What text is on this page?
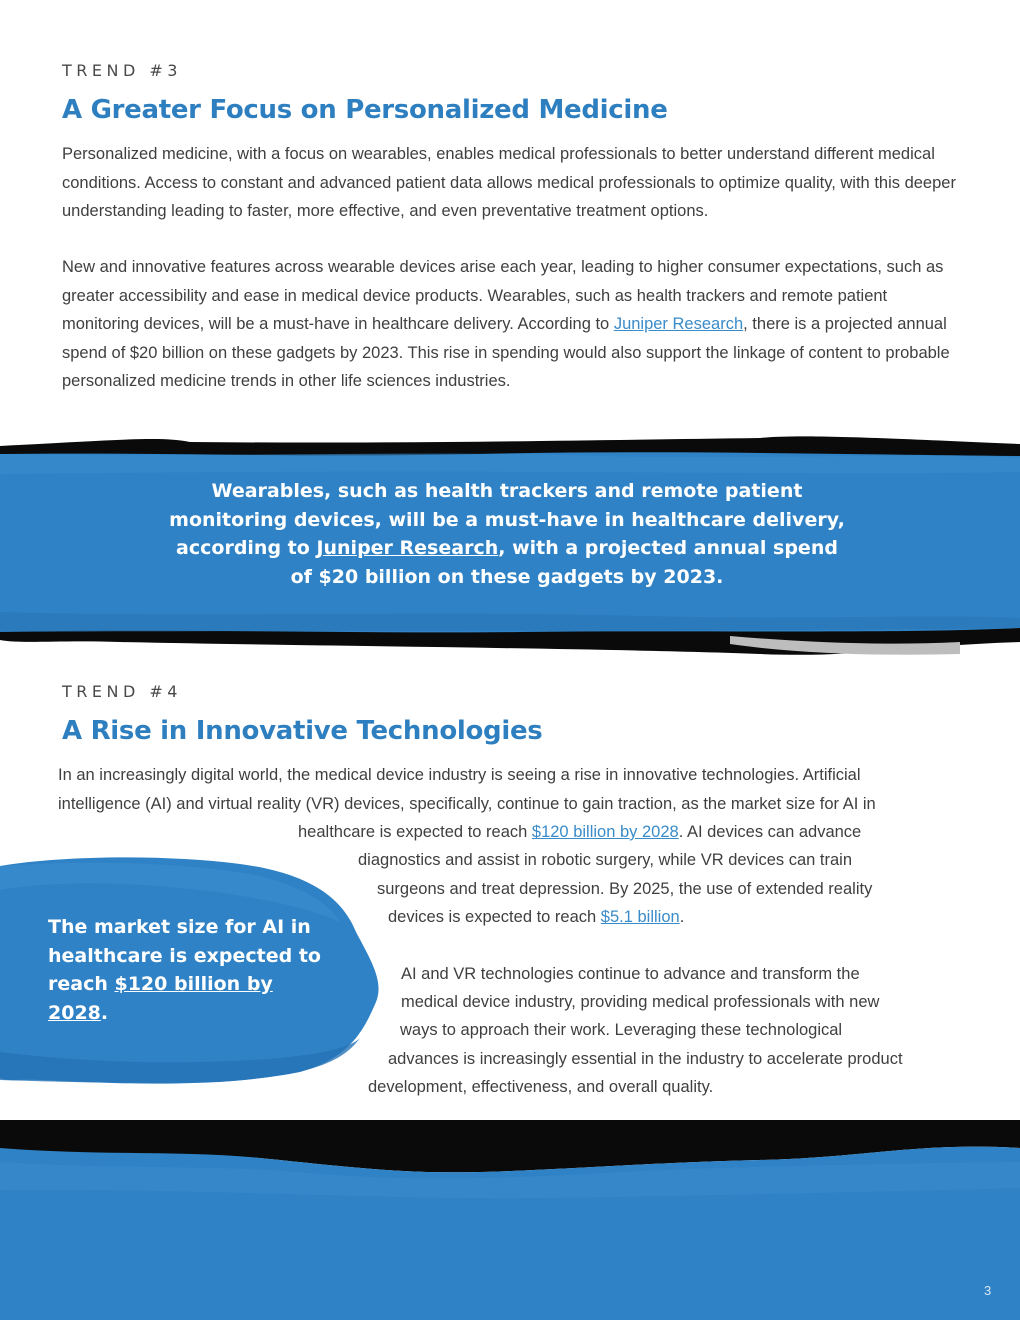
TREND #3
A Greater Focus on Personalized Medicine

Personalized medicine, with a focus on wearables, enables medical professionals to better understand different medical conditions. Access to constant and advanced patient data allows medical professionals to optimize quality, with this deeper understanding leading to faster, more effective, and even preventative treatment options.

New and innovative features across wearable devices arise each year, leading to higher consumer expectations, such as greater accessibility and ease in medical device products. Wearables, such as health trackers and remote patient monitoring devices, will be a must-have in healthcare delivery. According to Juniper Research, there is a projected annual spend of $20 billion on these gadgets by 2023. This rise in spending would also support the linkage of content to probable personalized medicine trends in other life sciences industries.

Wearables, such as health trackers and remote patient
monitoring devices, will be a must-have in healthcare delivery,
according to Juniper Research, with a projected annual spend
of $20 billion on these gadgets by 2023.
TREND #4
A Rise in Innovative Technologies
In an increasingly digital world, the medical device industry is seeing a rise in innovative technologies. Artificial
intelligence (AI) and virtual reality (VR) devices, specifically, continue to gain traction, as the market size for AI in
healthcare is expected to reach $120 billion by 2028. AI devices can advance
diagnostics and assist in robotic surgery, while VR devices can train
surgeons and treat depression. By 2025, the use of extended reality
devices is expected to reach $5.1 billion.
AI and VR technologies continue to advance and transform the
medical device industry, providing medical professionals with new
ways to approach their work. Leveraging these technological
advances is increasingly essential in the industry to accelerate product
development, effectiveness, and overall quality.
The market size for AI in
healthcare is expected to
reach $120 billion by
2028.
3
